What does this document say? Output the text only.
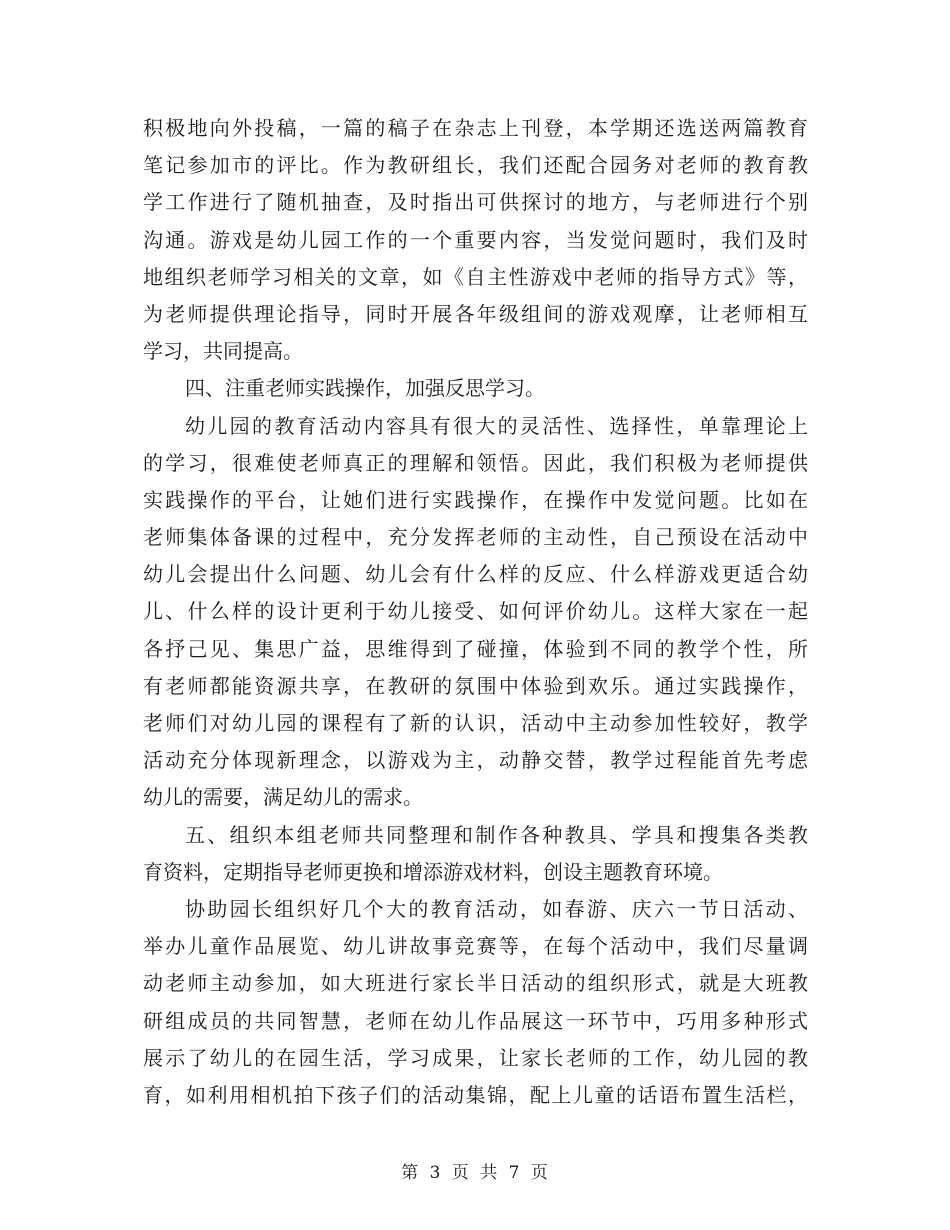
积极地向外投稿，一篇的稿子在杂志上刊登，本学期还选送两篇教育
笔记参加市的评比。作为教研组长，我们还配合园务对老师的教育教
学工作进行了随机抽查，及时指出可供探讨的地方，与老师进行个别
沟通。游戏是幼儿园工作的一个重要内容，当发觉问题时，我们及时
地组织老师学习相关的文章，如《自主性游戏中老师的指导方式》等，
为老师提供理论指导，同时开展各年级组间的游戏观摩，让老师相互
学习，共同提高。
四、注重老师实践操作，加强反思学习。
幼儿园的教育活动内容具有很大的灵活性、选择性，单靠理论上
的学习，很难使老师真正的理解和领悟。因此，我们积极为老师提供
实践操作的平台，让她们进行实践操作，在操作中发觉问题。比如在
老师集体备课的过程中，充分发挥老师的主动性，自己预设在活动中
幼儿会提出什么问题、幼儿会有什么样的反应、什么样游戏更适合幼
儿、什么样的设计更利于幼儿接受、如何评价幼儿。这样大家在一起
各抒己见、集思广益，思维得到了碰撞，体验到不同的教学个性，所
有老师都能资源共享，在教研的氛围中体验到欢乐。通过实践操作，
老师们对幼儿园的课程有了新的认识，活动中主动参加性较好，教学
活动充分体现新理念，以游戏为主，动静交替，教学过程能首先考虑
幼儿的需要，满足幼儿的需求。
五、组织本组老师共同整理和制作各种教具、学具和搜集各类教
育资料，定期指导老师更换和增添游戏材料，创设主题教育环境。
协助园长组织好几个大的教育活动，如春游、庆六一节日活动、
举办儿童作品展览、幼儿讲故事竞赛等，在每个活动中，我们尽量调
动老师主动参加，如大班进行家长半日活动的组织形式，就是大班教
研组成员的共同智慧，老师在幼儿作品展这一环节中，巧用多种形式
展示了幼儿的在园生活，学习成果，让家长老师的工作，幼儿园的教
育，如利用相机拍下孩子们的活动集锦，配上儿童的话语布置生活栏，
第 3 页 共 7 页
